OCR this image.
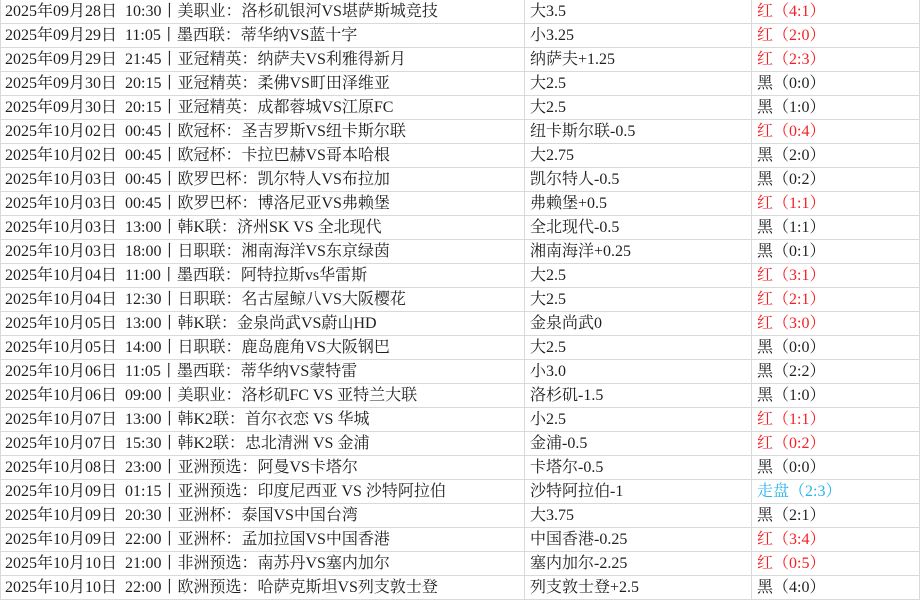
2025年09月28日  10:30丨美职业：洛杉矶银河VS堪萨斯城竞技	大3.5	红（4:1）
2025年09月29日  11:05丨墨西联：蒂华纳VS蓝十字	小3.25	红（2:0）
2025年09月29日  21:45丨亚冠精英：纳萨夫VS利雅得新月	纳萨夫+1.25	红（2:3）
2025年09月30日  20:15丨亚冠精英：柔佛VS町田泽维亚	大2.5	黑（0:0）
2025年09月30日  20:15丨亚冠精英：成都蓉城VS江原FC	大2.5	黑（1:0）
2025年10月02日  00:45丨欧冠杯：圣吉罗斯VS纽卡斯尔联	纽卡斯尔联-0.5	红（0:4）
2025年10月02日  00:45丨欧冠杯：卡拉巴赫VS哥本哈根	大2.75	黑（2:0）
2025年10月03日  00:45丨欧罗巴杯：凯尔特人VS布拉加	凯尔特人-0.5	黑（0:2）
2025年10月03日  00:45丨欧罗巴杯：博洛尼亚VS弗赖堡	弗赖堡+0.5	红（1:1）
2025年10月03日  13:00丨韩K联：济州SK VS 全北现代	全北现代-0.5	黑（1:1）
2025年10月03日  18:00丨日职联：湘南海洋VS东京绿茵	湘南海洋+0.25	黑（0:1）
2025年10月04日  11:00丨墨西联：阿特拉斯vs华雷斯	大2.5	红（3:1）
2025年10月04日  12:30丨日职联：名古屋鲸八VS大阪樱花	大2.5	红（2:1）
2025年10月05日  13:00丨韩K联：金泉尚武VS蔚山HD	金泉尚武0	红（3:0）
2025年10月05日  14:00丨日职联：鹿岛鹿角VS大阪钢巴	大2.5	黑（0:0）
2025年10月06日  11:05丨墨西联：蒂华纳VS蒙特雷	小3.0	黑（2:2）
2025年10月06日  09:00丨美职业：洛杉矶FC VS 亚特兰大联	洛杉矶-1.5	黑（1:0）
2025年10月07日  13:00丨韩K2联：首尔衣恋 VS 华城	小2.5	红（1:1）
2025年10月07日  15:30丨韩K2联：忠北清洲 VS 金浦	金浦-0.5	红（0:2）
2025年10月08日  23:00丨亚洲预选：阿曼VS卡塔尔	卡塔尔-0.5	黑（0:0）
2025年10月09日  01:15丨亚洲预选：印度尼西亚 VS 沙特阿拉伯	沙特阿拉伯-1	走盘（2:3）
2025年10月09日  20:30丨亚洲杯：泰国VS中国台湾	大3.75	黑（2:1）
2025年10月09日  22:00丨亚洲杯：孟加拉国VS中国香港	中国香港-0.25	红（3:4）
2025年10月10日  21:00丨非洲预选：南苏丹VS塞内加尔	塞内加尔-2.25	红（0:5）
2025年10月10日  22:00丨欧洲预选：哈萨克斯坦VS列支敦士登	列支敦士登+2.5	黑（4:0）
